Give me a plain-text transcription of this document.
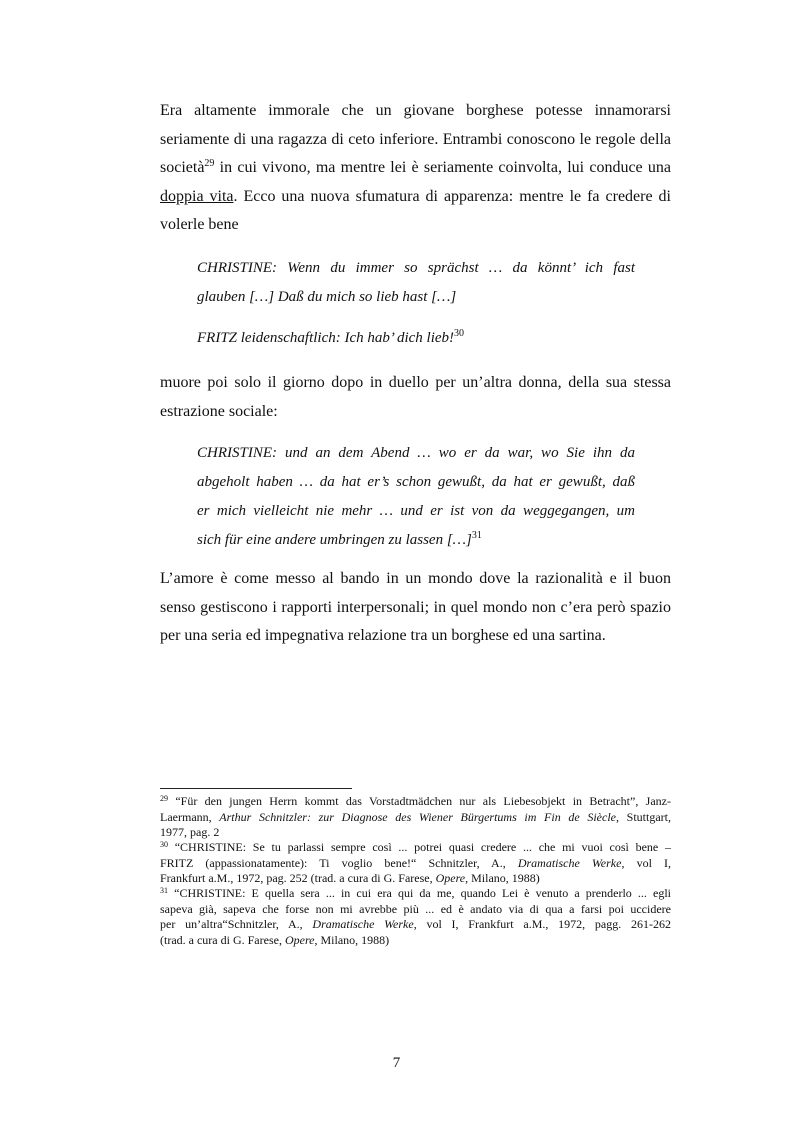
Era altamente immorale che un giovane borghese potesse innamorarsi
seriamente di una ragazza di ceto inferiore. Entrambi conoscono le regole della
società$^{29}$ in cui vivono, ma mentre lei è seriamente coinvolta, lui conduce una
doppia vita. Ecco una nuova sfumatura di apparenza: mentre le fa credere di
volerle bene
CHRISTINE: Wenn du immer so sprächst … da könnt’ ich fast
glauben […] Daß du mich so lieb hast […]
FRITZ leidenschaftlich: Ich hab’ dich lieb!$^{30}$
muore poi solo il giorno dopo in duello per un’altra donna, della sua stessa
estrazione sociale:
CHRISTINE: und an dem Abend … wo er da war, wo Sie ihn da
abgeholt haben … da hat er’s schon gewußt, da hat er gewußt, daß
er mich vielleicht nie mehr … und er ist von da weggegangen, um
sich für eine andere umbringen zu lassen […]$^{31}$
L’amore è come messo al bando in un mondo dove la razionalità e il buon
senso gestiscono i rapporti interpersonali; in quel mondo non c’era però spazio
per una seria ed impegnativa relazione tra un borghese ed una sartina.
$^{29}$ “Für den jungen Herrn kommt das Vorstadtmädchen nur als Liebesobjekt in Betracht”, Janz-
Laermann, Arthur Schnitzler: zur Diagnose des Wiener Bürgertums im Fin de Siècle, Stuttgart,
1977, pag. 2
$^{30}$ “CHRISTINE: Se tu parlassi sempre così ... potrei quasi credere ... che mi vuoi così bene –
FRITZ (appassionatamente): Ti voglio bene!“ Schnitzler, A., Dramatische Werke, vol I,
Frankfurt a.M., 1972, pag. 252 (trad. a cura di G. Farese, Opere, Milano, 1988)
$^{31}$ “CHRISTINE: E quella sera ... in cui era qui da me, quando Lei è venuto a prenderlo ... egli
sapeva già, sapeva che forse non mi avrebbe più ... ed è andato via di qua a farsi poi uccidere
per un’altra“Schnitzler, A., Dramatische Werke, vol I, Frankfurt a.M., 1972, pagg. 261-262
(trad. a cura di G. Farese, Opere, Milano, 1988)
7
